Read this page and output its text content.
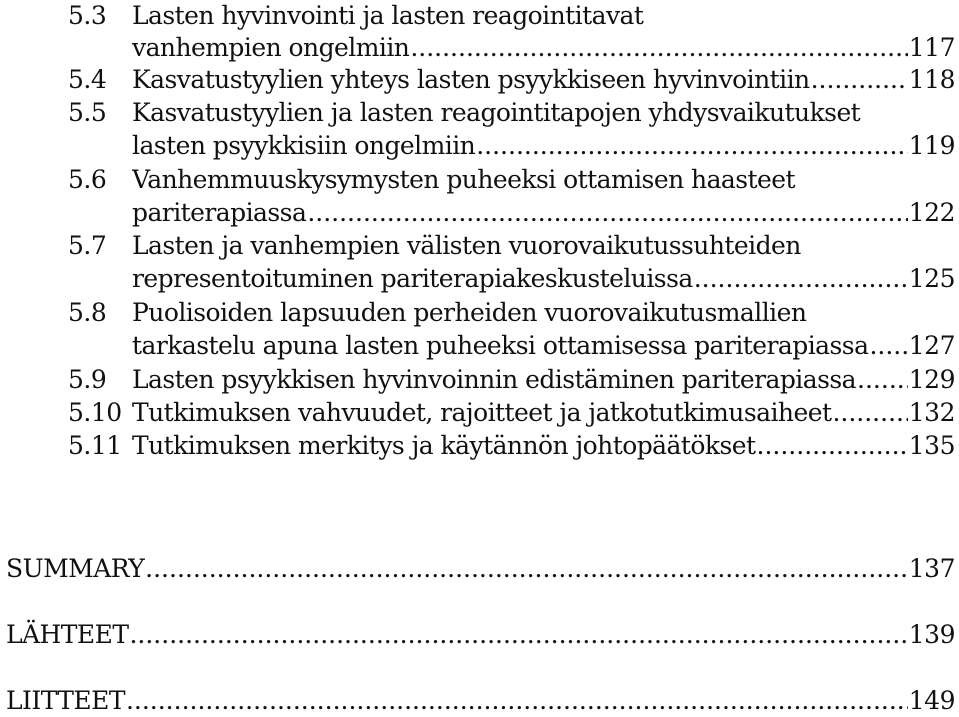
5.3 Lasten hyvinvointi ja lasten reagointitavat
vanhempien ongelmiin .....	117
5.4 Kasvatustyylien yhteys lasten psyykkiseen hyvinvointiin .....	118
5.5 Kasvatustyylien ja lasten reagointitapojen yhdysvaikutukset
lasten psyykkisiin ongelmiin .....	119
5.6 Vanhemmuuskysymysten puheeksi ottamisen haasteet
pariterapiassa .....	122
5.7 Lasten ja vanhempien välisten vuorovaikutussuhteiden
representoituminen pariterapiakeskusteluissa .....	125
5.8 Puolisoiden lapsuuden perheiden vuorovaikutusmallien
tarkastelu apuna lasten puheeksi ottamisessa pariterapiassa ..... 127
5.9 Lasten psyykkisen hyvinvoinnin edistäminen pariterapiassa ..... 129
5.10 Tutkimuksen vahvuudet, rajoitteet ja jatkotutkimusaiheet .....	132
5.11 Tutkimuksen merkitys ja käytännön johtopäätökset .....	135
SUMMARY .....	137
LÄHTEET .....	139
LIITTEET .....	149
